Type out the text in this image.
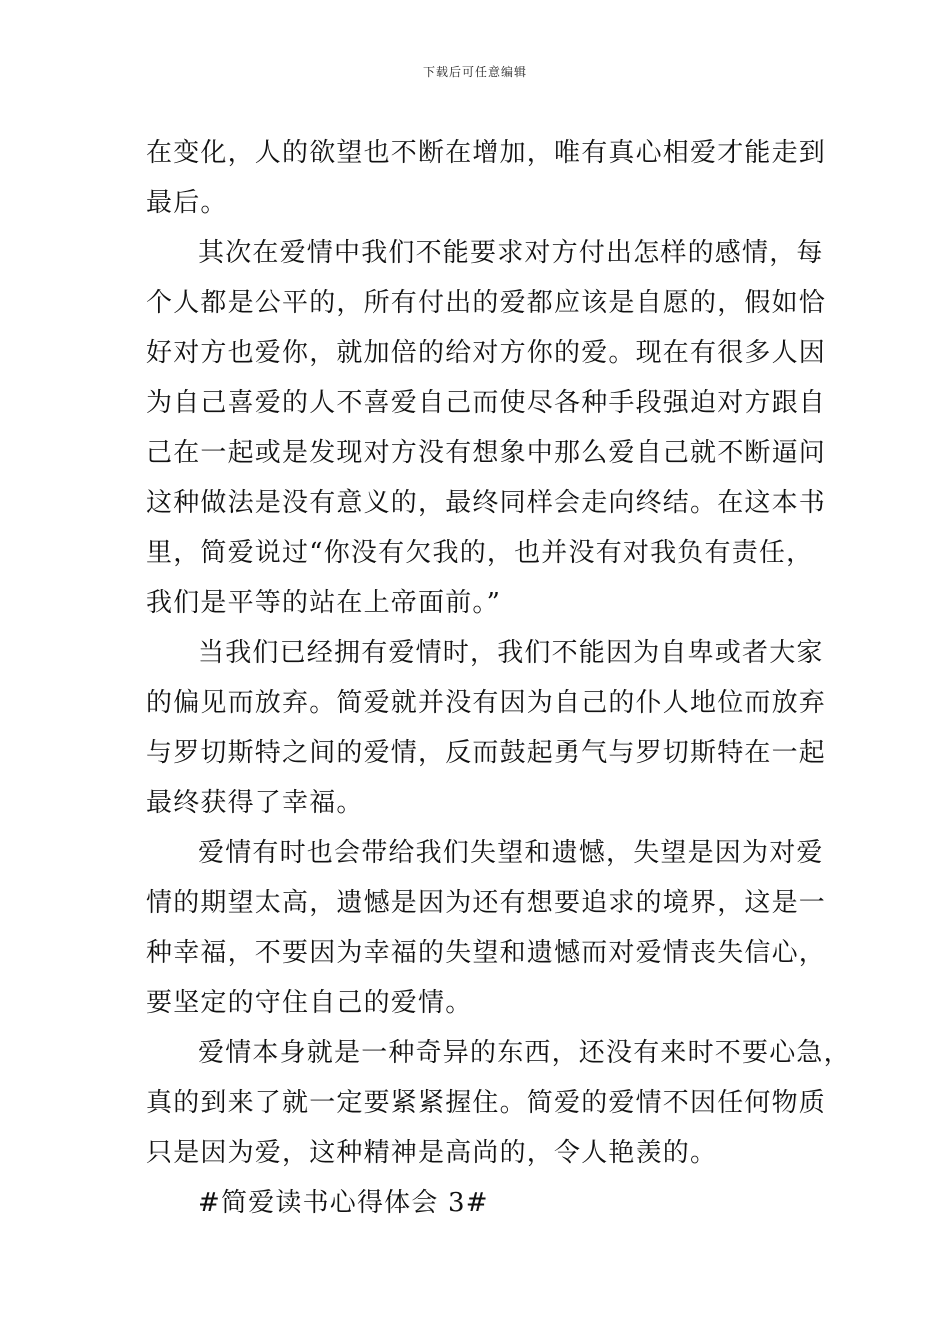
下载后可任意编辑
在变化，人的欲望也不断在增加，唯有真心相爱才能走到
最后。
其次在爱情中我们不能要求对方付出怎样的感情，每
个人都是公平的，所有付出的爱都应该是自愿的，假如恰
好对方也爱你，就加倍的给对方你的爱。现在有很多人因
为自己喜爱的人不喜爱自己而使尽各种手段强迫对方跟自
己在一起或是发现对方没有想象中那么爱自己就不断逼问
这种做法是没有意义的，最终同样会走向终结。在这本书
里，简爱说过“你没有欠我的，也并没有对我负有责任，
我们是平等的站在上帝面前。”
当我们已经拥有爱情时，我们不能因为自卑或者大家
的偏见而放弃。简爱就并没有因为自己的仆人地位而放弃
与罗切斯特之间的爱情，反而鼓起勇气与罗切斯特在一起
最终获得了幸福。
爱情有时也会带给我们失望和遗憾，失望是因为对爱
情的期望太高，遗憾是因为还有想要追求的境界，这是一
种幸福，不要因为幸福的失望和遗憾而对爱情丧失信心，
要坚定的守住自己的爱情。
爱情本身就是一种奇异的东西，还没有来时不要心急，
真的到来了就一定要紧紧握住。简爱的爱情不因任何物质
只是因为爱，这种精神是高尚的，令人艳羡的。
#简爱读书心得体会 3#
